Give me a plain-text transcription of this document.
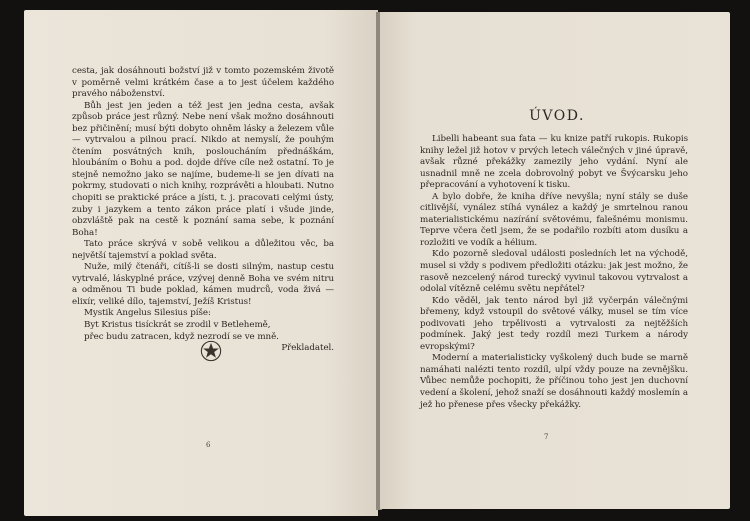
cesta, jak dosáhnouti božství již v tomto pozemském životě v poměrně velmi krátkém čase a to jest účelem každého pravého náboženství.

Bůh jest jen jeden a též jest jen jedna cesta, avšak způsob práce jest různý. Nebe není však možno dosáhnouti bez přičinění; musí býti dobyto ohněm lásky a železem vůle — vytrvalou a pilnou prací. Nikdo at nemyslí, že pouhým čtením posvátných knih, posloucháním přednáškám, hloubáním o Bohu a pod. dojde dříve cíle než ostatní. To je stejně nemožno jako se najíme, budeme-li se jen dívati na pokrmy, studovati o nich knihy, rozprávěti a hloubati. Nutno chopiti se praktické práce a jísti, t. j. pracovati celými ústy, zuby i jazykem a tento zákon práce platí i všude jinde, obzvláště pak na cestě k poznání sama sebe, k poznání Boha!

Tato práce skrývá v sobě velikou a důležitou věc, ba největší tajemství a poklad světa.

Nuže, milý čtenáři, cítíš-li se dosti silným, nastup cestu vytrvalé, láskyplné práce, vzývej denně Boha ve svém nitru a odměnou Ti bude poklad, kámen mudrců, voda živá — elixír, veliké dílo, tajemství, Ježíš Kristus!

Mystik Angelus Silesius píše:

Byt Kristus tisíckrát se zrodil v Betlehemě,

přec budu zatracen, když nezrodí se ve mně.

Překladatel.

6
ÚVOD.

Libelli habeant sua fata — ku knize patří rukopis. Rukopis knihy ležel již hotov v prvých letech válečných v jiné úpravě, avšak různé překážky zamezily jeho vydání. Nyní ale usnadnil mně ne zcela dobrovolný pobyt ve Švýcarsku jeho přepracování a vyhotovení k tisku.

A bylo dobře, že kniha dříve nevyšla; nyní stály se duše citlivější, vynález stíhá vynález a každý je smrtelnou ranou materialistickému nazírání světovému, falešnému monismu. Teprve včera četl jsem, že se podařilo rozbíti atom dusíku a rozložiti ve vodík a hélium.

Kdo pozorně sledoval události posledních let na východě, musel si vždy s podivem předložiti otázku: jak jest možno, že rasově nezcelený národ turecký vyvinul takovou vytrvalost a odolal vítězně celému světu nepřátel?

Kdo věděl, jak tento národ byl již vyčerpán válečnými břemeny, když vstoupil do světové války, musel se tím více podivovati jeho trpělivosti a vytrvalosti za nejtěžších podmínek. Jaký jest tedy rozdíl mezi Turkem a národy evropskými?

Moderní a materialisticky vyškolený duch bude se marně namáhati nalézti tento rozdíl, ulpí vždy pouze na zevnějšku. Vůbec nemůže pochopiti, že příčinou toho jest jen duchovní vedení a školení, jehož snaží se dosáhnouti každý moslemín a jež ho přenese přes všecky překážky.

7
